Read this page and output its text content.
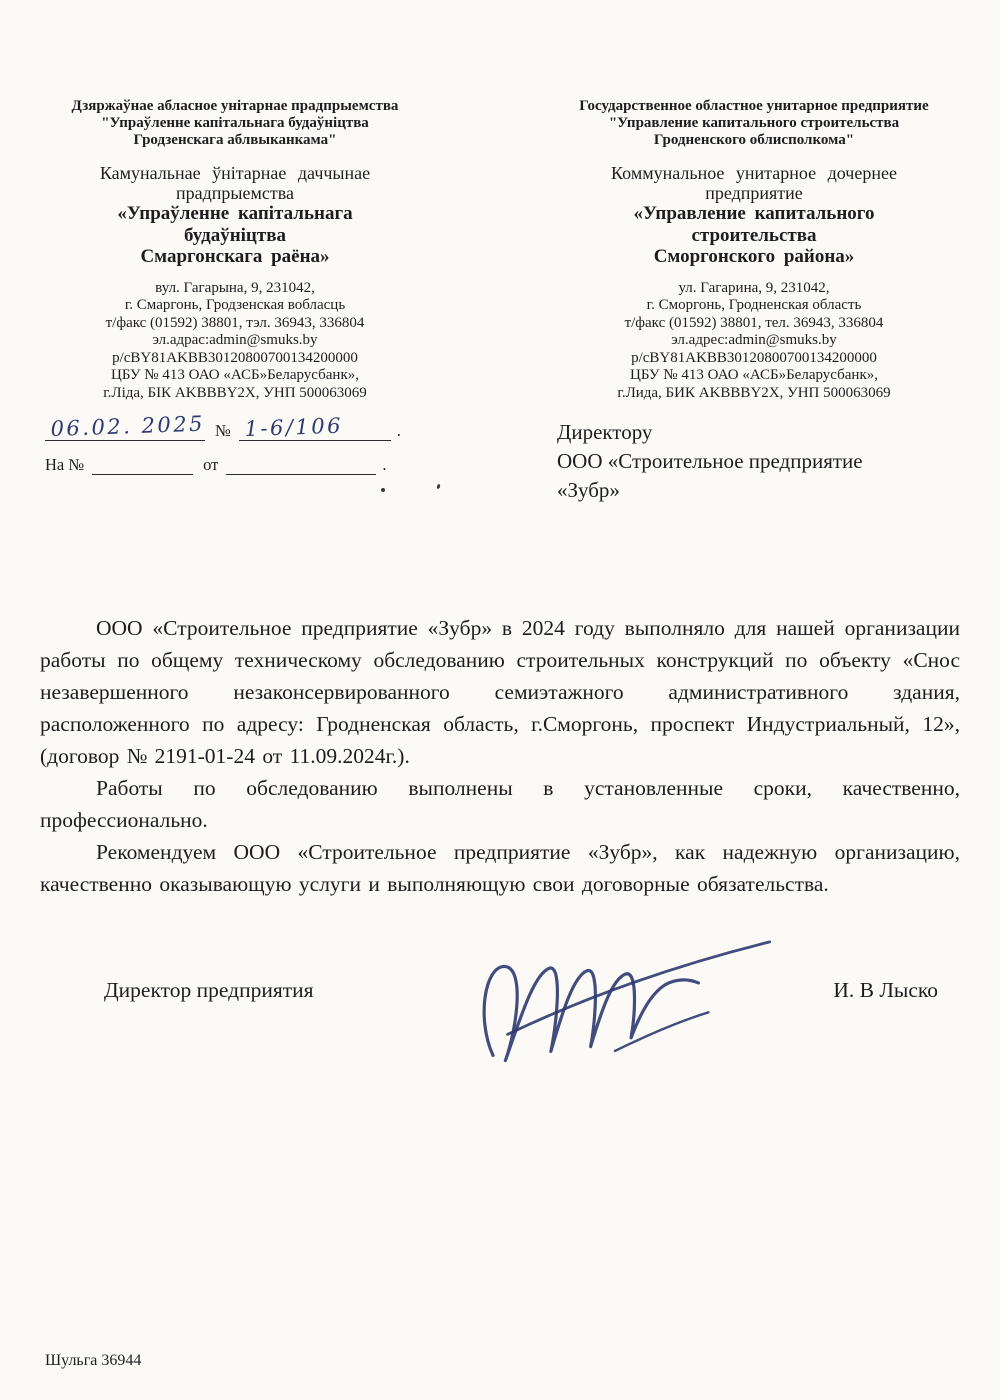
Дзяржаўнае абласное унітарнае прадпрыемства
"Упраўленне капітальнага будаўніцтва
Гродзенскага аблвыканкама"
Камунальнае ўнітарнае даччынае
прадпрыемства
«Упраўленне капітальнага
будаўніцтва
Смаргонскага раёна»
вул. Гагарына, 9, 231042,
г. Смаргонь, Гродзенская вобласць
т/факс (01592) 38801, тэл. 36943, 336804
эл.адрас:admin@smuks.by
р/сBY81AKBB30120800700134200000
ЦБУ № 413 ОАО «АСБ»Беларусбанк»,
г.Ліда, БІК AKBBBY2X, УНП 500063069
Государственное областное унитарное предприятие
"Управление капитального строительства
Гродненского облисполкома"
Коммунальное унитарное дочернее
предприятие
«Управление капитального
строительства
Сморгонского района»
ул. Гагарина, 9, 231042,
г. Сморгонь, Гродненская область
т/факс (01592) 38801, тел. 36943, 336804
эл.адрес:admin@smuks.by
р/сBY81AKBB30120800700134200000
ЦБУ № 413 ОАО «АСБ»Беларусбанк»,
г.Лида, БИК AKBBBY2X, УНП 500063069
06.02. 2025 № 1-6/106	.
На №	от	.
Директору
ООО «Строительное предприятие
«Зубр»

ООО «Строительное предприятие «Зубр» в 2024 году выполняло для нашей организации работы по общему техническому обследованию строительных конструкций по объекту «Снос незавершенного незаконсервированного семиэтажного административного здания, расположенного по адресу: Гродненская область, г.Сморгонь, проспект Индустриальный, 12», (договор № 2191-01-24 от 11.09.2024г.).

Работы по обследованию выполнены в установленные сроки, качественно, профессионально.

Рекомендуем ООО «Строительное предприятие «Зубр», как надежную организацию, качественно оказывающую услуги и выполняющую свои договорные обязательства.

Директор предприятия	И. В Лыско
Шульга 36944
